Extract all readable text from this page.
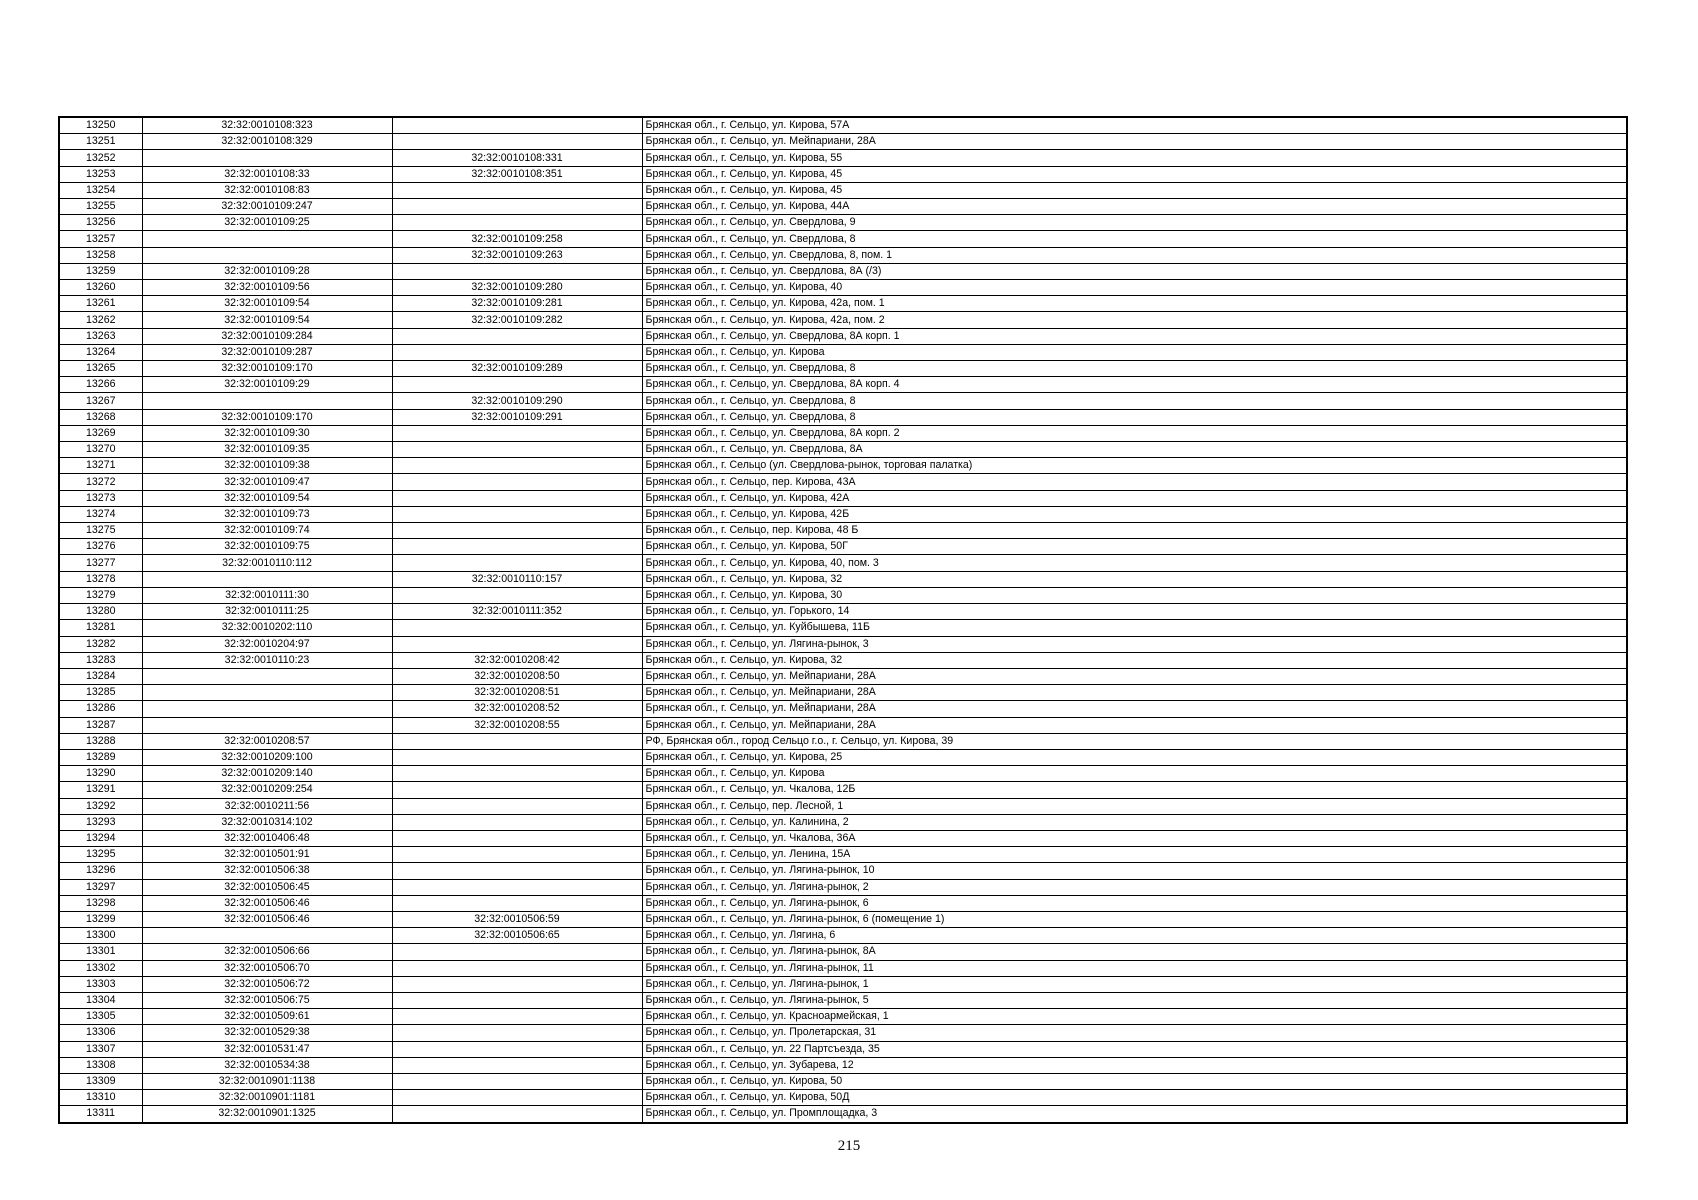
13250	32:32:0010108:323		Брянская обл., г. Сельцо, ул. Кирова, 57А
13251	32:32:0010108:329		Брянская обл., г. Сельцо, ул. Мейпариани, 28А
13252		32:32:0010108:331	Брянская обл., г. Сельцо, ул. Кирова, 55
13253	32:32:0010108:33	32:32:0010108:351	Брянская обл., г. Сельцо, ул. Кирова, 45
13254	32:32:0010108:83		Брянская обл., г. Сельцо, ул. Кирова, 45
13255	32:32:0010109:247		Брянская обл., г. Сельцо, ул. Кирова, 44А
13256	32:32:0010109:25		Брянская обл., г. Сельцо, ул. Свердлова, 9
13257		32:32:0010109:258	Брянская обл., г. Сельцо, ул. Свердлова, 8
13258		32:32:0010109:263	Брянская обл., г. Сельцо, ул. Свердлова, 8, пом. 1
13259	32:32:0010109:28		Брянская обл., г. Сельцо, ул. Свердлова, 8А (/3)
13260	32:32:0010109:56	32:32:0010109:280	Брянская обл., г. Сельцо, ул. Кирова, 40
13261	32:32:0010109:54	32:32:0010109:281	Брянская обл., г. Сельцо, ул. Кирова, 42а, пом. 1
13262	32:32:0010109:54	32:32:0010109:282	Брянская обл., г. Сельцо, ул. Кирова, 42а, пом. 2
13263	32:32:0010109:284		Брянская обл., г. Сельцо, ул. Свердлова, 8А корп. 1
13264	32:32:0010109:287		Брянская обл., г. Сельцо, ул. Кирова
13265	32:32:0010109:170	32:32:0010109:289	Брянская обл., г. Сельцо, ул. Свердлова, 8
13266	32:32:0010109:29		Брянская обл., г. Сельцо, ул. Свердлова, 8А корп. 4
13267		32:32:0010109:290	Брянская обл., г. Сельцо, ул. Свердлова, 8
13268	32:32:0010109:170	32:32:0010109:291	Брянская обл., г. Сельцо, ул. Свердлова, 8
13269	32:32:0010109:30		Брянская обл., г. Сельцо, ул. Свердлова, 8А корп. 2
13270	32:32:0010109:35		Брянская обл., г. Сельцо, ул. Свердлова, 8А
13271	32:32:0010109:38		Брянская обл., г. Сельцо (ул. Свердлова-рынок, торговая палатка)
13272	32:32:0010109:47		Брянская обл., г. Сельцо, пер. Кирова, 43А
13273	32:32:0010109:54		Брянская обл., г. Сельцо, ул. Кирова, 42А
13274	32:32:0010109:73		Брянская обл., г. Сельцо, ул. Кирова, 42Б
13275	32:32:0010109:74		Брянская обл., г. Сельцо, пер. Кирова, 48 Б
13276	32:32:0010109:75		Брянская обл., г. Сельцо, ул. Кирова, 50Г
13277	32:32:0010110:112		Брянская обл., г. Сельцо, ул. Кирова, 40, пом. 3
13278		32:32:0010110:157	Брянская обл., г. Сельцо, ул. Кирова, 32
13279	32:32:0010111:30		Брянская обл., г. Сельцо, ул. Кирова, 30
13280	32:32:0010111:25	32:32:0010111:352	Брянская обл., г. Сельцо, ул. Горького, 14
13281	32:32:0010202:110		Брянская обл., г. Сельцо, ул. Куйбышева, 11Б
13282	32:32:0010204:97		Брянская обл., г. Сельцо, ул. Лягина-рынок, 3
13283	32:32:0010110:23	32:32:0010208:42	Брянская обл., г. Сельцо, ул. Кирова, 32
13284		32:32:0010208:50	Брянская обл., г. Сельцо, ул. Мейпариани, 28А
13285		32:32:0010208:51	Брянская обл., г. Сельцо, ул. Мейпариани, 28А
13286		32:32:0010208:52	Брянская обл., г. Сельцо, ул. Мейпариани, 28А
13287		32:32:0010208:55	Брянская обл., г. Сельцо, ул. Мейпариани, 28А
13288	32:32:0010208:57		РФ, Брянская обл., город Сельцо г.о., г. Сельцо, ул. Кирова, 39
13289	32:32:0010209:100		Брянская обл., г. Сельцо, ул. Кирова, 25
13290	32:32:0010209:140		Брянская обл., г. Сельцо, ул. Кирова
13291	32:32:0010209:254		Брянская обл., г. Сельцо, ул. Чкалова, 12Б
13292	32:32:0010211:56		Брянская обл., г. Сельцо, пер. Лесной, 1
13293	32:32:0010314:102		Брянская обл., г. Сельцо, ул. Калинина, 2
13294	32:32:0010406:48		Брянская обл., г. Сельцо, ул. Чкалова, 36А
13295	32:32:0010501:91		Брянская обл., г. Сельцо, ул. Ленина, 15А
13296	32:32:0010506:38		Брянская обл., г. Сельцо, ул. Лягина-рынок, 10
13297	32:32:0010506:45		Брянская обл., г. Сельцо, ул. Лягина-рынок, 2
13298	32:32:0010506:46		Брянская обл., г. Сельцо, ул. Лягина-рынок, 6
13299	32:32:0010506:46	32:32:0010506:59	Брянская обл., г. Сельцо, ул. Лягина-рынок, 6 (помещение 1)
13300		32:32:0010506:65	Брянская обл., г. Сельцо, ул. Лягина, 6
13301	32:32:0010506:66		Брянская обл., г. Сельцо, ул. Лягина-рынок, 8А
13302	32:32:0010506:70		Брянская обл., г. Сельцо, ул. Лягина-рынок, 11
13303	32:32:0010506:72		Брянская обл., г. Сельцо, ул. Лягина-рынок, 1
13304	32:32:0010506:75		Брянская обл., г. Сельцо, ул. Лягина-рынок, 5
13305	32:32:0010509:61		Брянская обл., г. Сельцо, ул. Красноармейская, 1
13306	32:32:0010529:38		Брянская обл., г. Сельцо, ул. Пролетарская, 31
13307	32:32:0010531:47		Брянская обл., г. Сельцо, ул. 22 Партсъезда, 35
13308	32:32:0010534:38		Брянская обл., г. Сельцо, ул. Зубарева, 12
13309	32:32:0010901:1138		Брянская обл., г. Сельцо, ул. Кирова, 50
13310	32:32:0010901:1181		Брянская обл., г. Сельцо, ул. Кирова, 50Д
13311	32:32:0010901:1325		Брянская обл., г. Сельцо, ул. Промплощадка, 3
215
